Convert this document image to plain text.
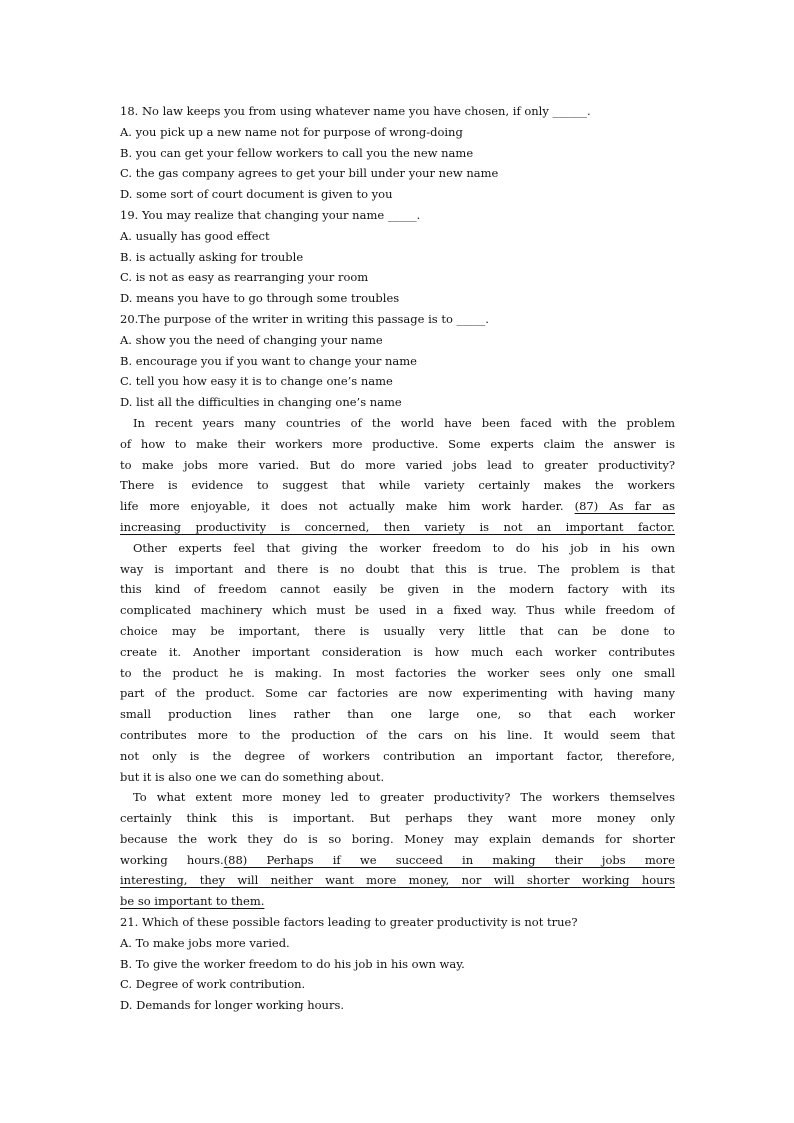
18. No law keeps you from using whatever name you have chosen, if only ______.
A. you pick up a new name not for purpose of wrong-doing
B. you can get your fellow workers to call you the new name
C. the gas company agrees to get your bill under your new name
D. some sort of court document is given to you
19. You may realize that changing your name _____.
A. usually has good effect
B. is actually asking for trouble
C. is not as easy as rearranging your room
D. means you have to go through some troubles
20.The purpose of the writer in writing this passage is to _____.
A. show you the need of changing your name
B. encourage you if you want to change your name
C. tell you how easy it is to change one’s name
D. list all the difficulties in changing one’s name
In recent years many countries of the world have been faced with the problem
of how to make their workers more productive. Some experts claim the answer is
to make jobs more varied. But do more varied jobs lead to greater productivity?
There is evidence to suggest that while variety certainly makes the workers
life more enjoyable, it does not actually make him work harder. (87) As far as
increasing productivity is concerned, then variety is not an important factor.
Other experts feel that giving the worker freedom to do his job in his own
way is important and there is no doubt that this is true. The problem is that
this kind of freedom cannot easily be given in the modern factory with its
complicated machinery which must be used in a fixed way. Thus while freedom of
choice may be important, there is usually very little that can be done to
create it. Another important consideration is how much each worker contributes
to the product he is making. In most factories the worker sees only one small
part of the product. Some car factories are now experimenting with having many
small production lines rather than one large one, so that each worker
contributes more to the production of the cars on his line. It would seem that
not only is the degree of workers contribution an important factor, therefore,
but it is also one we can do something about.
To what extent more money led to greater productivity? The workers themselves
certainly think this is important. But perhaps they want more money only
because the work they do is so boring. Money may explain demands for shorter
working hours.(88) Perhaps if we succeed in making their jobs more
interesting, they will neither want more money, nor will shorter working hours
be so important to them.
21. Which of these possible factors leading to greater productivity is not true?
A. To make jobs more varied.
B. To give the worker freedom to do his job in his own way.
C. Degree of work contribution.
D. Demands for longer working hours.
